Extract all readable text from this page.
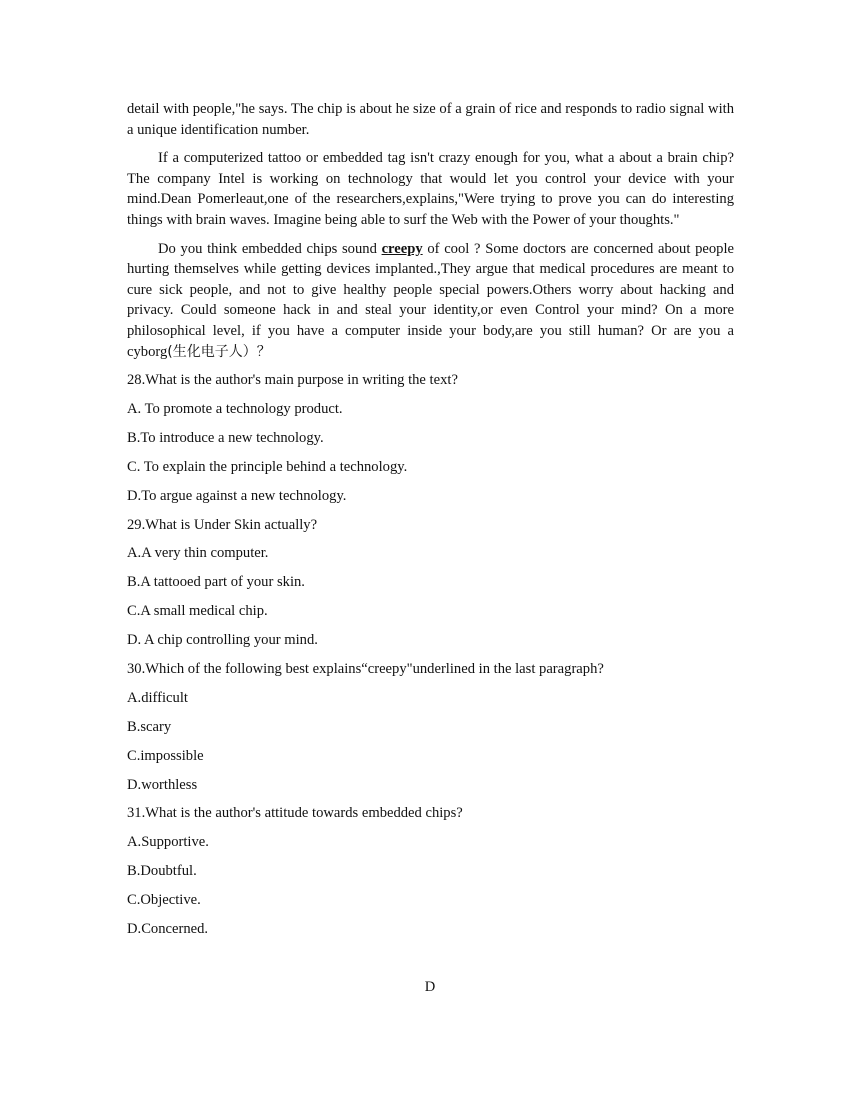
detail with people,"he says. The chip is about he size of a grain of rice and responds to radio signal with a unique identification number.

If a computerized tattoo or embedded tag isn't crazy enough for you, what a about a brain chip? The company Intel is working on technology that would let you control your device with your mind.Dean Pomerleaut,one of the researchers,explains,"Were trying to prove you can do interesting things with brain waves. Imagine being able to surf the Web with the Power of your thoughts."

Do you think embedded chips sound creepy of cool ? Some doctors are concerned about people hurting themselves while getting devices implanted.,They argue that medical procedures are meant to cure sick people, and not to give healthy people special powers.Others worry about hacking and privacy. Could someone hack in and steal your identity,or even Control your mind? On a more philosophical level, if you have a computer inside your body,are you still human? Or are you a cyborg(生化电子人）？

28.What is the author's main purpose in writing the text?

A. To promote a technology product.

B.To introduce a new technology.

C. To explain the principle behind a technology.

D.To argue against a new technology.

29.What is Under Skin actually?

A.A very thin computer.

B.A tattooed part of your skin.

C.A small medical chip.

D. A chip controlling your mind.

30.Which of the following best explains“creepy"underlined in the last paragraph?

A.difficult

B.scary

C.impossible

D.worthless

31.What is the author's attitude towards embedded chips?

A.Supportive.

B.Doubtful.

C.Objective.

D.Concerned.

D
